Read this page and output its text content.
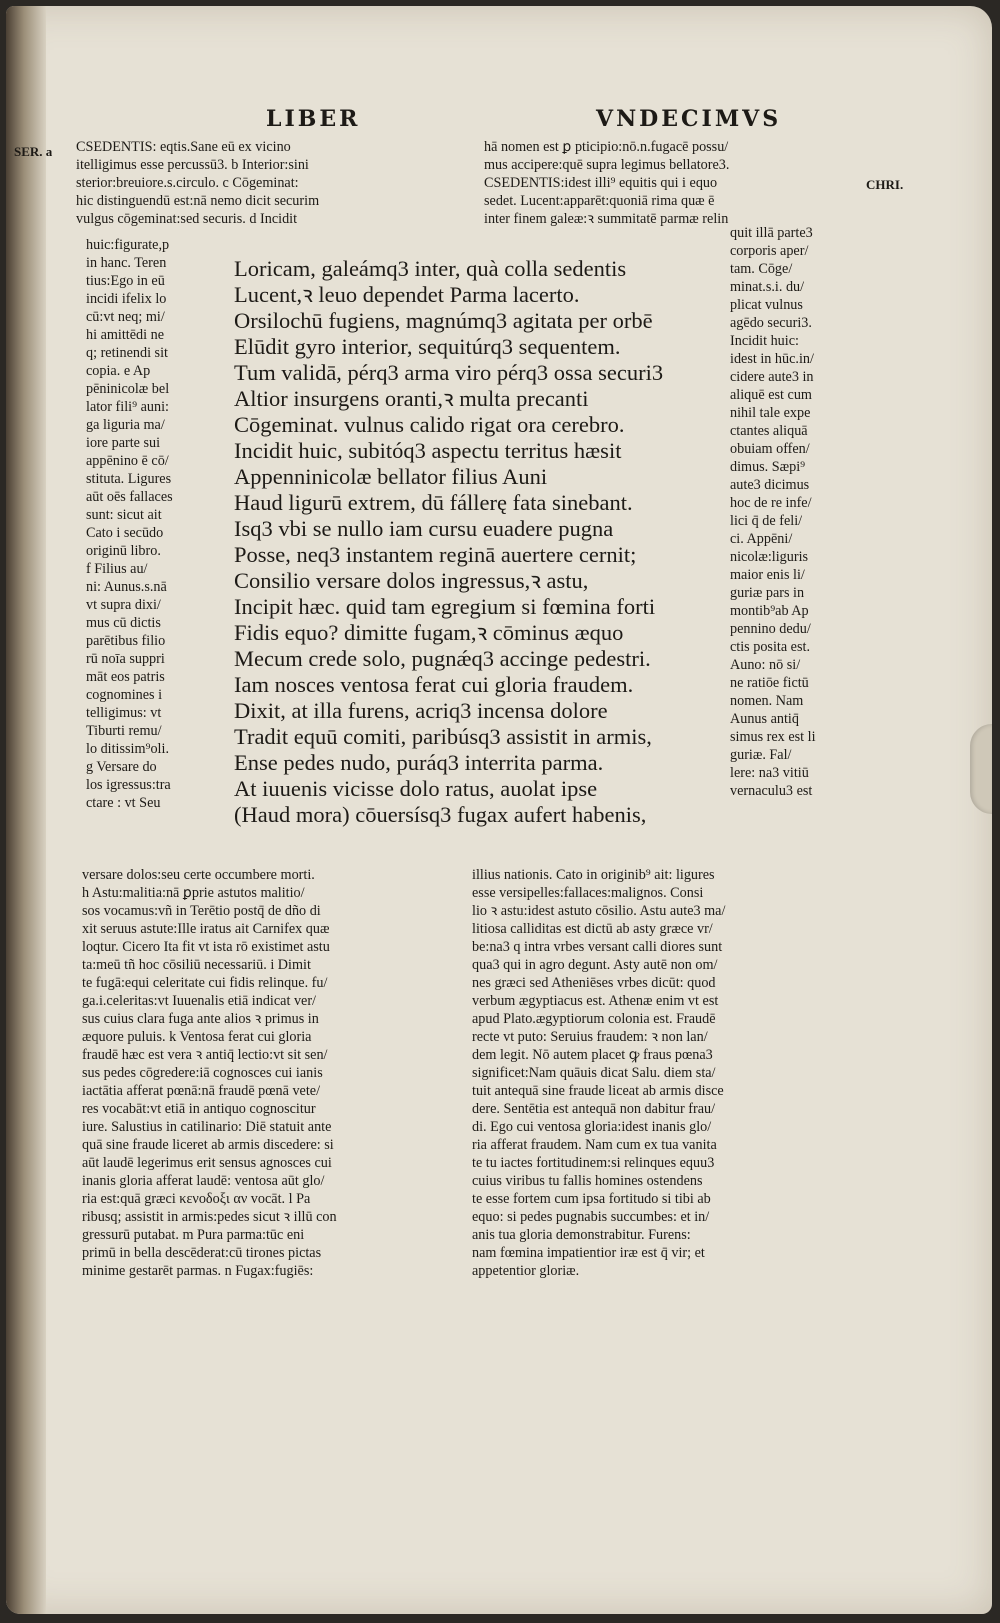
LIBER	VNDECIMVS
SER. a
CHRI.
CSEDENTIS: eqtis.Sane eū ex vicino
itelligimus esse percussū3. b Interior:sini
sterior:breuiore.s.circulo. c Cōgeminat:
hic distinguendū est:nā nemo dicit securim
vulgus cōgeminat:sed securis. d Incidit
hā nomen est ꝑ pticipio:nō.n.fugacē possu/
mus accipere:quē supra legimus bellatore3.
CSEDENTIS:idest illi⁹ equitis qui i equo
sedet. Lucent:apparēt:quoniā rima quæ ē
inter finem galeæ:ꝛ summitatē parmæ relin
huic:figurate,p
in hanc. Teren
tius:Ego in eū
incidi ifelix lo
cū:vt neq; mi/
hi amittēdi ne
q; retinendi sit
copia. e Ap
pēninicolæ bel
lator fili⁹ auni:
ga liguria ma/
iore parte sui
appēnino ē cō/
stituta. Ligures
aūt oēs fallaces
sunt: sicut ait
Cato i secūdo
originū libro.
f Filius au/
ni: Aunus.s.nā
vt supra dixi/
mus cū dictis
parētibus filio
rū noīa suppri
māt eos patris
cognomines i
telligimus: vt
Tiburti remu/
lo ditissim⁹oli.
g Versare do
los igressus:tra
ctare : vt Seu
Loricam, galeámq3 inter, quà colla sedentis
Lucent,ꝛ leuo dependet Parma lacerto.
Orsilochū fugiens, magnúmq3 agitata per orbē
Elūdit gyro interior, sequitúrq3 sequentem.
Tum validā, pérq3 arma viro pérq3 ossa securi3
Altior insurgens oranti,ꝛ multa precanti
Cōgeminat. vulnus calido rigat ora cerebro.
Incidit huic, subitóq3 aspectu territus hæsit
Appenninicolæ bellator filius Auni
Haud ligurū extrem, dū fállerę fata sinebant.
Isq3 vbi se nullo iam cursu euadere pugna
Posse, neq3 instantem reginā auertere cernit;
Consilio versare dolos ingressus,ꝛ astu,
Incipit hæc. quid tam egregium si fœmina forti
Fidis equo? dimitte fugam,ꝛ cōminus æquo
Mecum crede solo, pugnǽq3 accinge pedestri.
Iam nosces ventosa ferat cui gloria fraudem.
Dixit, at illa furens, acriq3 incensa dolore
Tradit equū comiti, paribúsq3 assistit in armis,
Ense pedes nudo, puráq3 interrita parma.
At iuuenis vicisse dolo ratus, auolat ipse
(Haud mora) cōuersísq3 fugax aufert habenis,
quit illā parte3
corporis aper/
tam. Cōge/
minat.s.i. du/
plicat vulnus
agēdo securi3.
Incidit huic:
idest in hūc.in/
cidere aute3 in
aliquē est cum
nihil tale expe
ctantes aliquā
obuiam offen/
dimus. Sæpi⁹
aute3 dicimus
hoc de re infe/
lici q̄ de feli/
ci. Appēni/
nicolæ:liguris
maior enis li/
guriæ pars in
montib⁹ab Ap
pennino dedu/
ctis posita est.
Auno: nō si/
ne ratiōe fictū
nomen. Nam
Aunus antiq̄
simus rex est li
guriæ. Fal/
lere: na3 vitiū
vernaculu3 est
versare dolos:seu certe occumbere morti.
h Astu:malitia:nā ꝑprie astutos malitio/
sos vocamus:vñ in Terētio postq̄ de dño di
xit seruus astute:Ille iratus ait Carnifex quæ
loqtur. Cicero Ita fit vt ista rō existimet astu
ta:meū tñ hoc cōsiliū necessariū. i Dimit
te fugā:equi celeritate cui fidis relinque. fu/
ga.i.celeritas:vt Iuuenalis etiā indicat ver/
sus cuius clara fuga ante alios ꝛ primus in
æquore puluis. k Ventosa ferat cui gloria
fraudē hæc est vera ꝛ antiq̄ lectio:vt sit sen/
sus pedes cōgredere:iā cognosces cui ianis
iactātia afferat pœnā:nā fraudē pœnā vete/
res vocabāt:vt etiā in antiquo cognoscitur
iure. Salustius in catilinario: Diē statuit ante
quā sine fraude liceret ab armis discedere: si
aūt laudē legerimus erit sensus agnosces cui
inanis gloria afferat laudē: ventosa aūt glo/
ria est:quā græci κενοδοξι αν vocāt. l Pa
ribusq; assistit in armis:pedes sicut ꝛ illū con
gressurū putabat. m Pura parma:tūc eni
primū in bella descēderat:cū tirones pictas
minime gestarēt parmas. n Fugax:fugiēs:
illius nationis. Cato in originib⁹ ait: ligures
esse versipelles:fallaces:malignos. Consi
lio ꝛ astu:idest astuto cōsilio. Astu aute3 ma/
litiosa calliditas est dictū ab asty græce vr/
be:na3 q intra vrbes versant calli diores sunt
qua3 qui in agro degunt. Asty autē non om/
nes græci sed Atheniēses vrbes dicūt: quod
verbum ægyptiacus est. Athenæ enim vt est
apud Plato.ægyptiorum colonia est. Fraudē
recte vt puto: Seruius fraudem: ꝛ non lan/
dem legit. Nō autem placet ꝙ fraus pœna3
significet:Nam quāuis dicat Salu. diem sta/
tuit antequā sine fraude liceat ab armis disce
dere. Sentētia est antequā non dabitur frau/
di. Ego cui ventosa gloria:idest inanis glo/
ria afferat fraudem. Nam cum ex tua vanita
te tu iactes fortitudinem:si relinques equu3
cuius viribus tu fallis homines ostendens
te esse fortem cum ipsa fortitudo si tibi ab
equo: si pedes pugnabis succumbes: et in/
anis tua gloria demonstrabitur. Furens:
nam fœmina impatientior iræ est q̄ vir; et
appetentior gloriæ.
